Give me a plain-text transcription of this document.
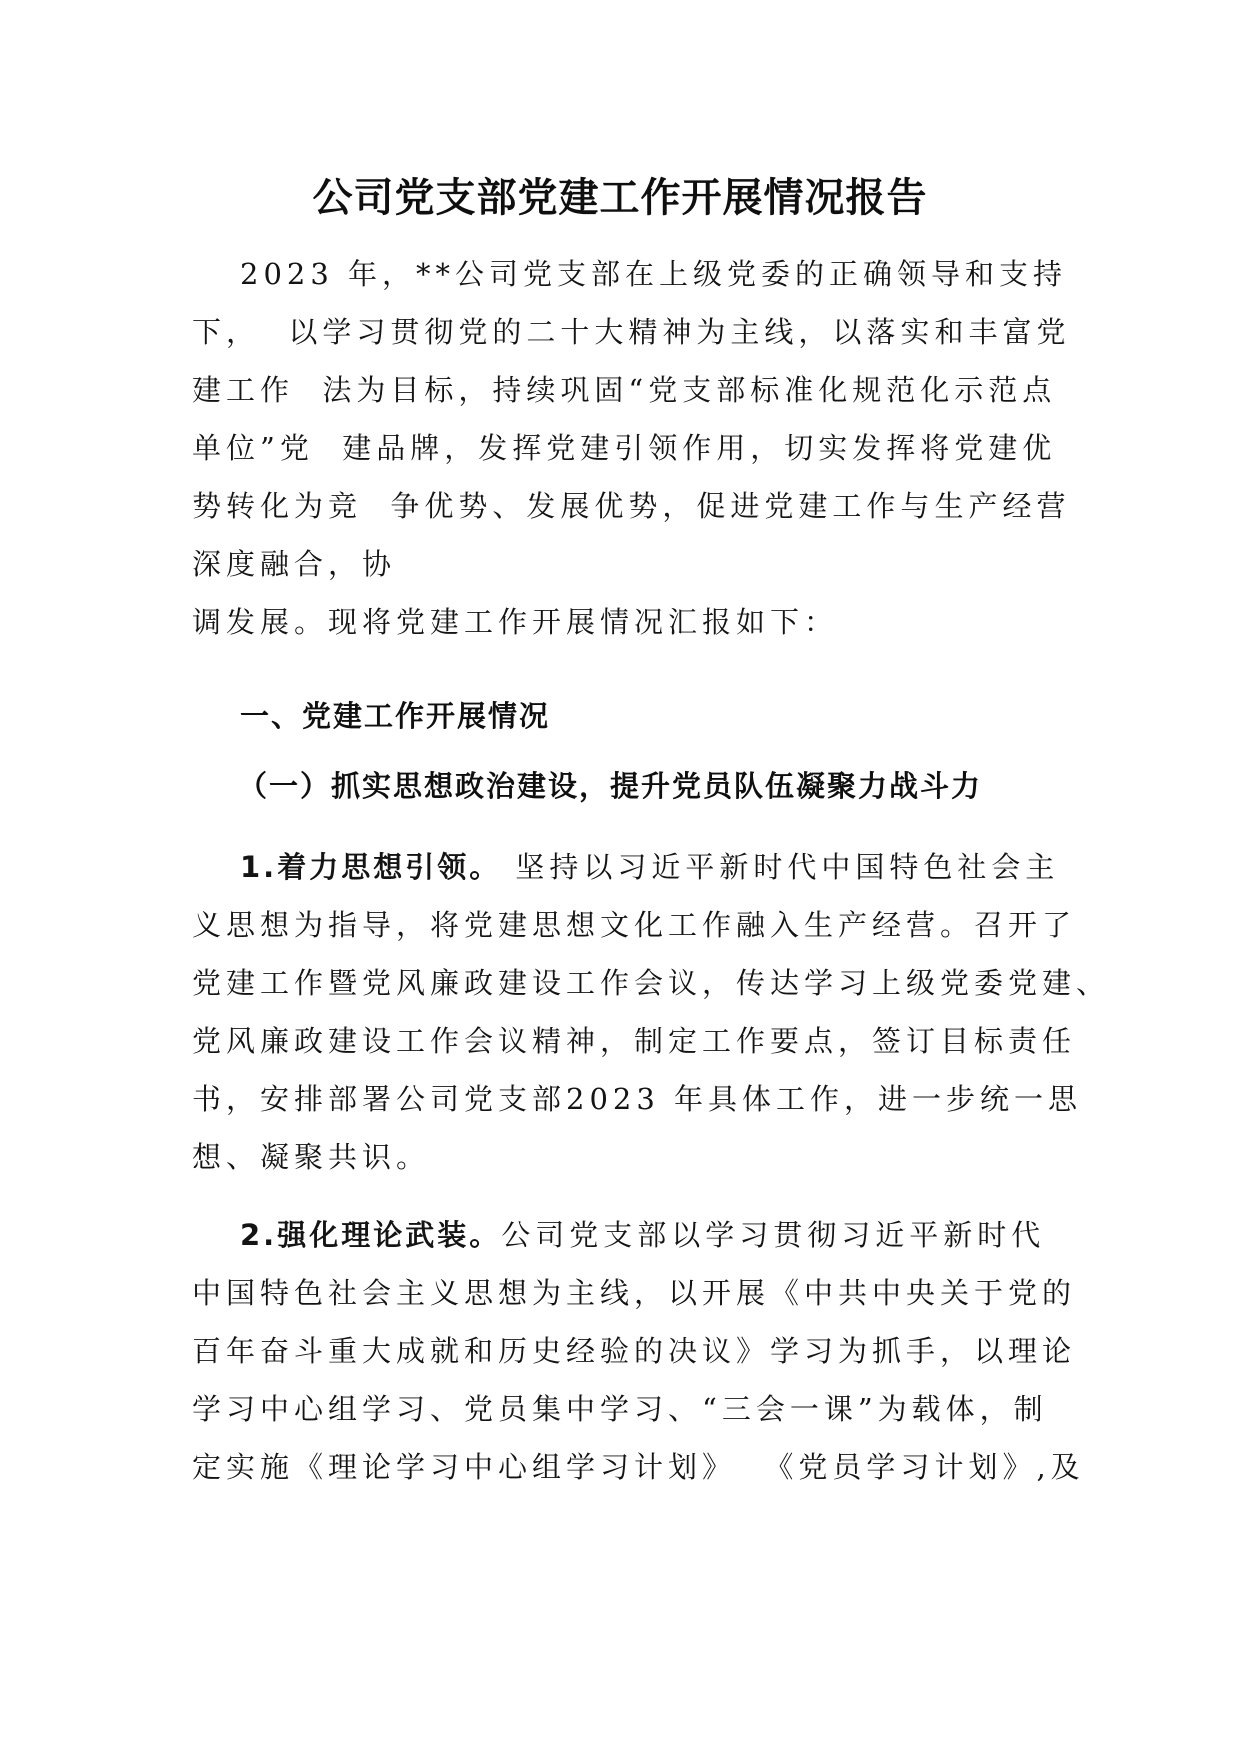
公司党支部党建工作开展情况报告
2023 年，**公司党支部在上级党委的正确领导和支持
下，  以学习贯彻党的二十大精神为主线，以落实和丰富党
建工作  法为目标，持续巩固“党支部标准化规范化示范点
单位”党  建品牌，发挥党建引领作用，切实发挥将党建优
势转化为竞  争优势、发展优势，促进党建工作与生产经营
深度融合，协
调发展。现将党建工作开展情况汇报如下：
一、党建工作开展情况
（一）抓实思想政治建设，提升党员队伍凝聚力战斗力
1.着力思想引领。 坚持以习近平新时代中国特色社会主
义思想为指导，将党建思想文化工作融入生产经营。召开了
党建工作暨党风廉政建设工作会议，传达学习上级党委党建、
党风廉政建设工作会议精神，制定工作要点，签订目标责任
书，安排部署公司党支部2023 年具体工作，进一步统一思
想、凝聚共识。
2.强化理论武装。公司党支部以学习贯彻习近平新时代
中国特色社会主义思想为主线，以开展《中共中央关于党的
百年奋斗重大成就和历史经验的决议》学习为抓手，以理论
学习中心组学习、党员集中学习、“三会一课”为载体，制
定实施《理论学习中心组学习计划》  《党员学习计划》,及
